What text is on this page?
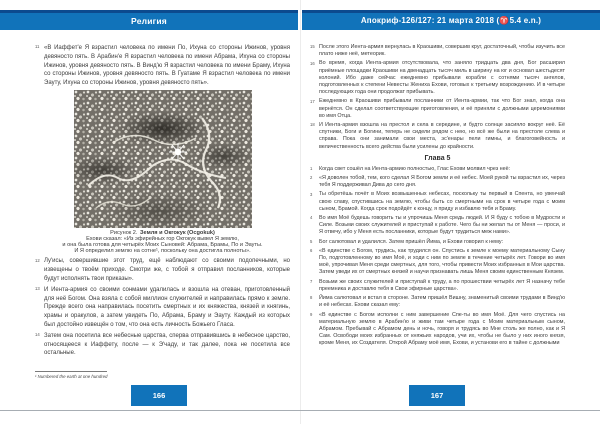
Религия	Апокриф-126/127: 21 марта 2018 (♈5.4 e.n.)
11 «В Иаффет'е Я взрастил человека по имени По, Ихуна со стороны Ижинов, уровня девяносто пять. В Арабин'е Я взрастил человека по имени Абрама, Ихуна со стороны Ижинов, уровня девяносто пять. В Винд'ю Я взрастил человека по имени Браму, Ихуна со стороны Ижинов, уровня девяносто пять. В Гуатаме Я взрастил человека по имени Эауту, Ихуна со стороны Ижинов, уровня девяносто пять».
Рисунок 2. Земля и Окгокук (Ocgokuk)
Ехови сказал: «Из эфирейных гор Окгокук вывел Я землю,
и она была готова для четырёх Моих Сыновей: Абрама, Брамы, По и Эауты.
И Я определил землю на сотне¹, поскольку она достигла полноты».
12 Лу'исы, совершившие этот труд, ещё наблюдают со своими подопечными, но извещены о твоём приходе. Смотри же, с тобой я отправил посланников, которые будут исполнять твои приказы».
13 И Иента-армия со своими сонмами удалилась и взошла на отеван, приготовленный для неё Богом. Она взяла с собой миллион служителей и направилась прямо к земле. Прежде всего она направилась посетить смертных и их княжества, князей и княгинь, храмы и оракулов, а затем увидеть По, Абрама, Браму и Эауту. Каждый из которых был достойно извещён о том, что она есть личность Божьего Гласа.
14 Затем она посетила все небесные царства, сперва отправившись в небесное царство, относящееся к Иаффету, после — к Э'чаду, и так далее, пока не посетила все остальные.
¹ Numbered the earth at one hundred
15 После этого Иента-армия вернулась в Краошиви, совершив круг, достаточный, чтобы изучить все плато ниже неё, метеорик.
16 Во время, когда Иента-армия отсутствовала, что заняло тридцать два дня, Бог расширил приёмные площадки Краошиви на двенадцать тысяч миль в ширину на юг и основал шестьдесят колоний. Ибо даже сейчас ежедневно прибывали корабли с сотнями тысяч ангелов, подготовленных к степени Невесты Жениха Ехови, готовых к третьему возрождению. И в четыре последующих года они продолжат прибывать.
17 Ежедневно в Краошиви прибывали посланники от Иента-армии, так что Бог знал, когда она вернётся. Он сделал соответствующие приготовления, и её приняли с должными церемониями во имя Отца.
18 И Иента-армия взошла на престол и села в середине, и будто солнце засияло вокруг неё. Её спутники, Боги и Богини, теперь не сидели рядом с нею, но всё же были на престоле слева и справа. Пока они занимали свои места, эс'енары пели гимны, и благоговейность и величественность всего действа были усилены до крайности.
Глава 5
1	Когда свет сошёл на Иента-армию полностью, Глас Ехови молвил чрез неё:
2	«Я доволен тобой, тем, кого сделал Я Богом земли и её небес. Моей рукой ты взрастил их, через тебя Я поддерживал Дива до сего дня.
3	Ты обретёшь почёт в Моих возвышенных небесах, поскольку ты первый в Спента, но увенчай свою славу, спустившись на землю, чтобы быть со смертными на срок в четыре года с моим сыном, Брамой. Когда срок подойдёт к концу, я приду и избавлю тебя и Браму.
4	Во имя Моё будешь говорить ты и упрочишь Меня средь людей. И Я буду с тобою в Мудрости и Силе. Возьми своих служителей и приступай к работе. Чего бы ни желал ты от Меня — проси, и Я отвечу, ибо у Меня есть посланники, которые будут трудиться меж нами».
5	Бог салютовал и удалился. Затем пришёл Йима, и Ехови говорил к нему:
6	«В единстве с Богом, трудись, как трудился он. Спустись к земле к моему материальному Сыну По, подготовленному во имя Моё, и ходи с ним по земле в течение четырёх лет. Говори во имя моё, упрочивая Меня среди смертных, для того, чтобы привести Моих избранных в Мои царства. Затем уведи их от смертных князей и научи признавать лишь Меня своим единственным Князем.
7	Возьми же своих служителей и приступай к труду, а по прошествии четырёх лет Я назначу тебе преемника и доставлю тебя в Свои эфирные царства».
8	Йима салютовал и встал в стороне. Затем пришёл Вишну, знаменитый своими трудами в Винд'ю и её небесах. Ехови сказал ему:
9	«В единстве с Богом исполни с ним завершение Спе-ты во имя Моё. Для чего спустись на материальную землю в Арабин'ю и живи там четыре года с Моим материальным сыном, Абрамом. Пребывай с Абрамом день и ночь, говоря и трудясь во Мне столь же полно, как и Я Сам. Освободи моих избранных от княжьих народов, учи их, чтобы не было у них иного князя, кроме Меня, их Создателя. Открой Абраму моё имя, Ехови, и установи его в тайне с должными
166	167
